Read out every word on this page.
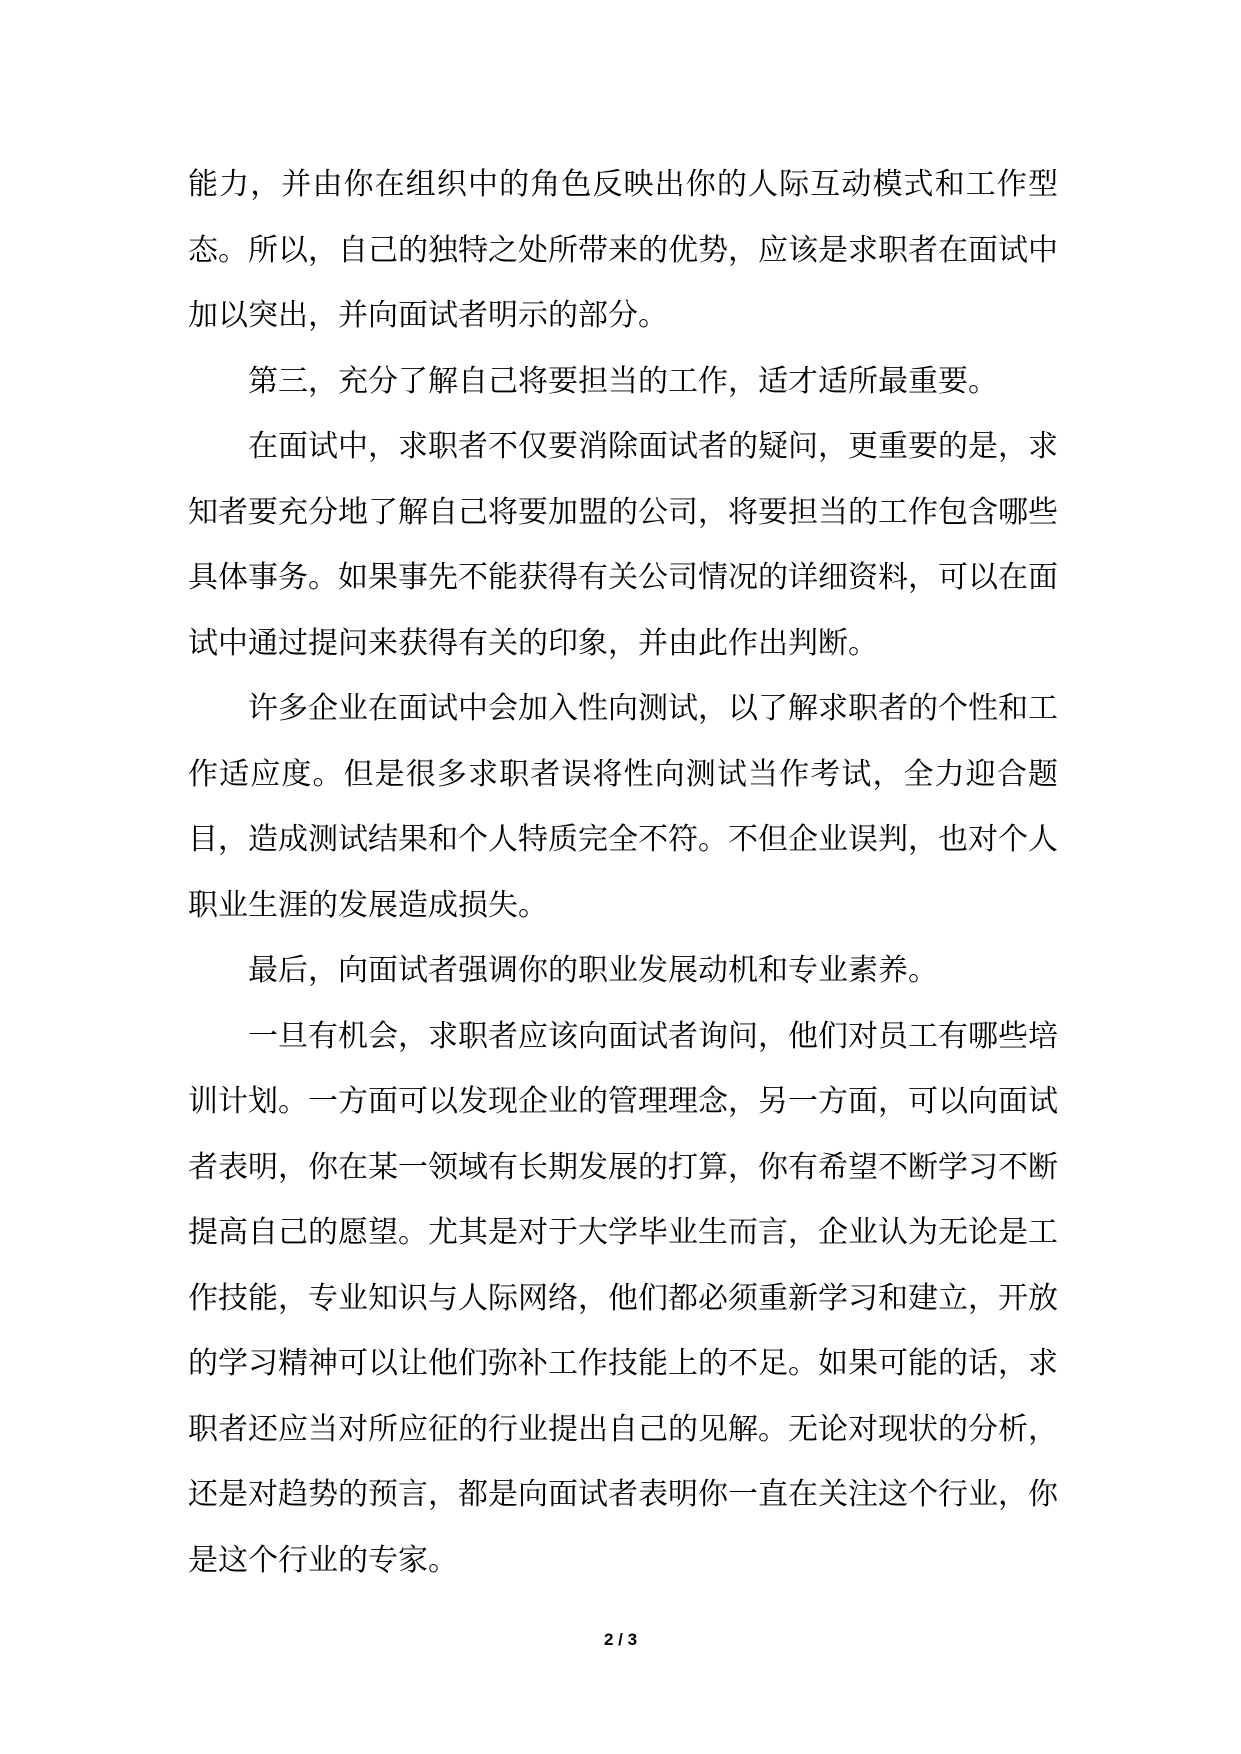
能力，并由你在组织中的角色反映出你的人际互动模式和工作型态。所以，自己的独特之处所带来的优势，应该是求职者在面试中加以突出，并向面试者明示的部分。

第三，充分了解自己将要担当的工作，适才适所最重要。

在面试中，求职者不仅要消除面试者的疑问，更重要的是，求知者要充分地了解自己将要加盟的公司，将要担当的工作包含哪些具体事务。如果事先不能获得有关公司情况的详细资料，可以在面试中通过提问来获得有关的印象，并由此作出判断。

许多企业在面试中会加入性向测试，以了解求职者的个性和工作适应度。但是很多求职者误将性向测试当作考试，全力迎合题目，造成测试结果和个人特质完全不符。不但企业误判，也对个人职业生涯的发展造成损失。

最后，向面试者强调你的职业发展动机和专业素养。

一旦有机会，求职者应该向面试者询问，他们对员工有哪些培训计划。一方面可以发现企业的管理理念，另一方面，可以向面试者表明，你在某一领域有长期发展的打算，你有希望不断学习不断提高自己的愿望。尤其是对于大学毕业生而言，企业认为无论是工作技能，专业知识与人际网络，他们都必须重新学习和建立，开放的学习精神可以让他们弥补工作技能上的不足。如果可能的话，求职者还应当对所应征的行业提出自己的见解。无论对现状的分析，还是对趋势的预言，都是向面试者表明你一直在关注这个行业，你是这个行业的专家。

2 / 3
